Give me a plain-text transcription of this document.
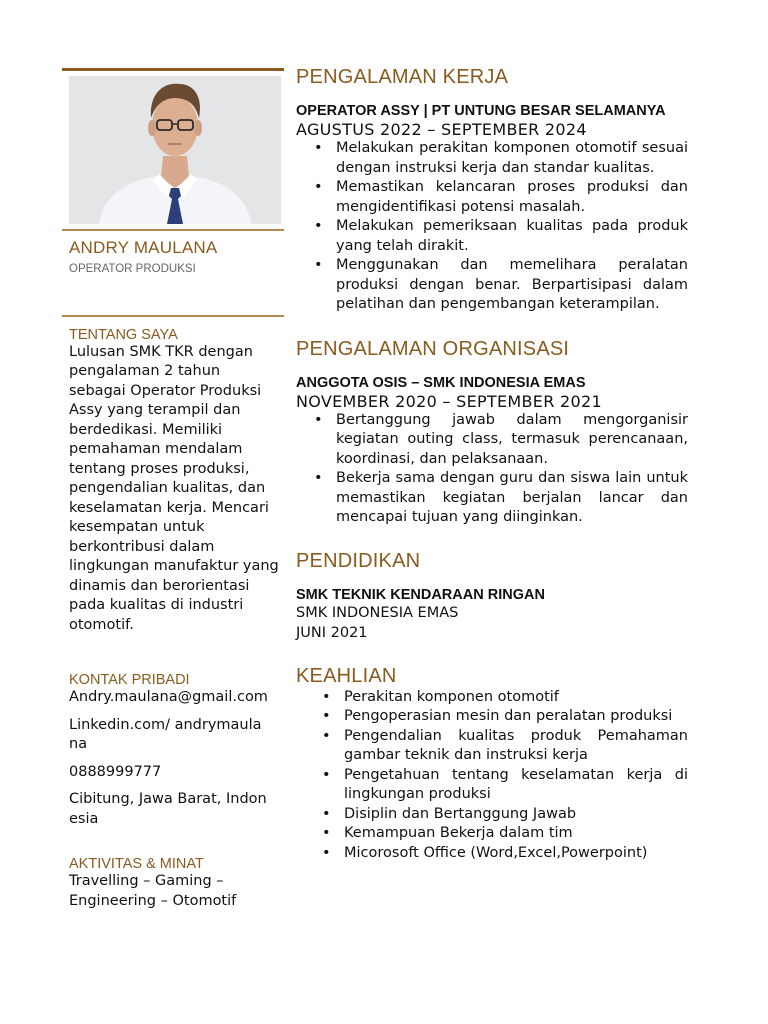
ANDRY MAULANA
OPERATOR PRODUKSI
TENTANG SAYA
Lulusan SMK TKR dengan pengalaman 2 tahun sebagai Operator Produksi Assy yang terampil dan berdedikasi. Memiliki pemahaman mendalam tentang proses produksi, pengendalian kualitas, dan keselamatan kerja. Mencari kesempatan untuk berkontribusi dalam lingkungan manufaktur yang dinamis dan berorientasi pada kualitas di industri otomotif.
KONTAK PRIBADI
Andry.maulana@gmail.com
Linkedin.com/ andrymaulana
0888999777
Cibitung, Jawa Barat, Indonesia
AKTIVITAS & MINAT
Travelling – Gaming – Engineering – Otomotif
PENGALAMAN KERJA
OPERATOR ASSY | PT UNTUNG BESAR SELAMANYA
AGUSTUS 2022 – SEPTEMBER 2024
• Melakukan perakitan komponen otomotif sesuai dengan instruksi kerja dan standar kualitas.
• Memastikan kelancaran proses produksi dan mengidentifikasi potensi masalah.
• Melakukan pemeriksaan kualitas pada produk yang telah dirakit.
• Menggunakan dan memelihara peralatan produksi dengan benar. Berpartisipasi dalam pelatihan dan pengembangan keterampilan.
PENGALAMAN ORGANISASI
ANGGOTA OSIS – SMK INDONESIA EMAS
NOVEMBER 2020 – SEPTEMBER 2021
• Bertanggung jawab dalam mengorganisir kegiatan outing class, termasuk perencanaan, koordinasi, dan pelaksanaan.
• Bekerja sama dengan guru dan siswa lain untuk memastikan kegiatan berjalan lancar dan mencapai tujuan yang diinginkan.
PENDIDIKAN
SMK TEKNIK KENDARAAN RINGAN
SMK INDONESIA EMAS
JUNI 2021
KEAHLIAN
• Perakitan komponen otomotif
• Pengoperasian mesin dan peralatan produksi
• Pengendalian kualitas produk Pemahaman gambar teknik dan instruksi kerja
• Pengetahuan tentang keselamatan kerja di lingkungan produksi
• Disiplin dan Bertanggung Jawab
• Kemampuan Bekerja dalam tim
• Micorosoft Office (Word,Excel,Powerpoint)
